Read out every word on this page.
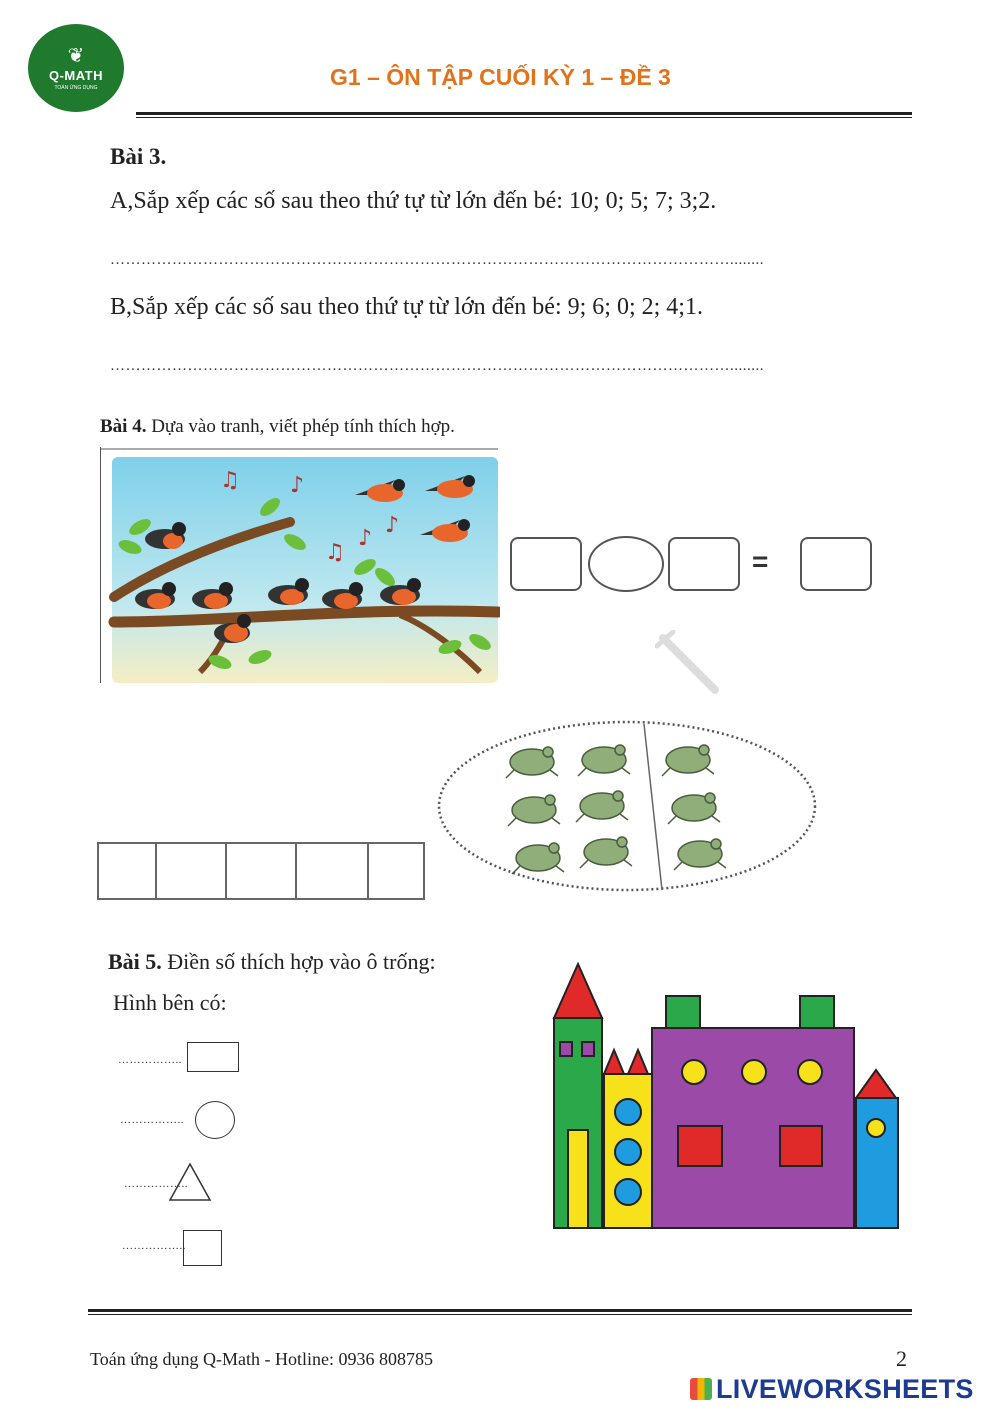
❦
Q-MATH
TOÁN ỨNG DỤNG	G1 – ÔN TẬP CUỐI KỲ 1 – ĐỀ 3
Bài 3.
A,Sắp xếp các số sau theo thứ tự từ lớn đến bé: 10; 0; 5; 7; 3;2.
…………………………………………………………………………………………………………........
B,Sắp xếp các số sau theo thứ tự từ lớn đến bé: 9; 6; 0; 2; 4;1.
…………………………………………………………………………………………………………........
Bài 4. Dựa vào tranh, viết phép tính thích hợp.
♫ ♪
♫
♪
♪
=
Bài 5. Điền số thích hợp vào ô trống:
Hình bên có:
……………..
……………..
……………..
……………..
Toán ứng dụng Q-Math - Hotline: 0936 808785	2
LIVEWORKSHEETS
